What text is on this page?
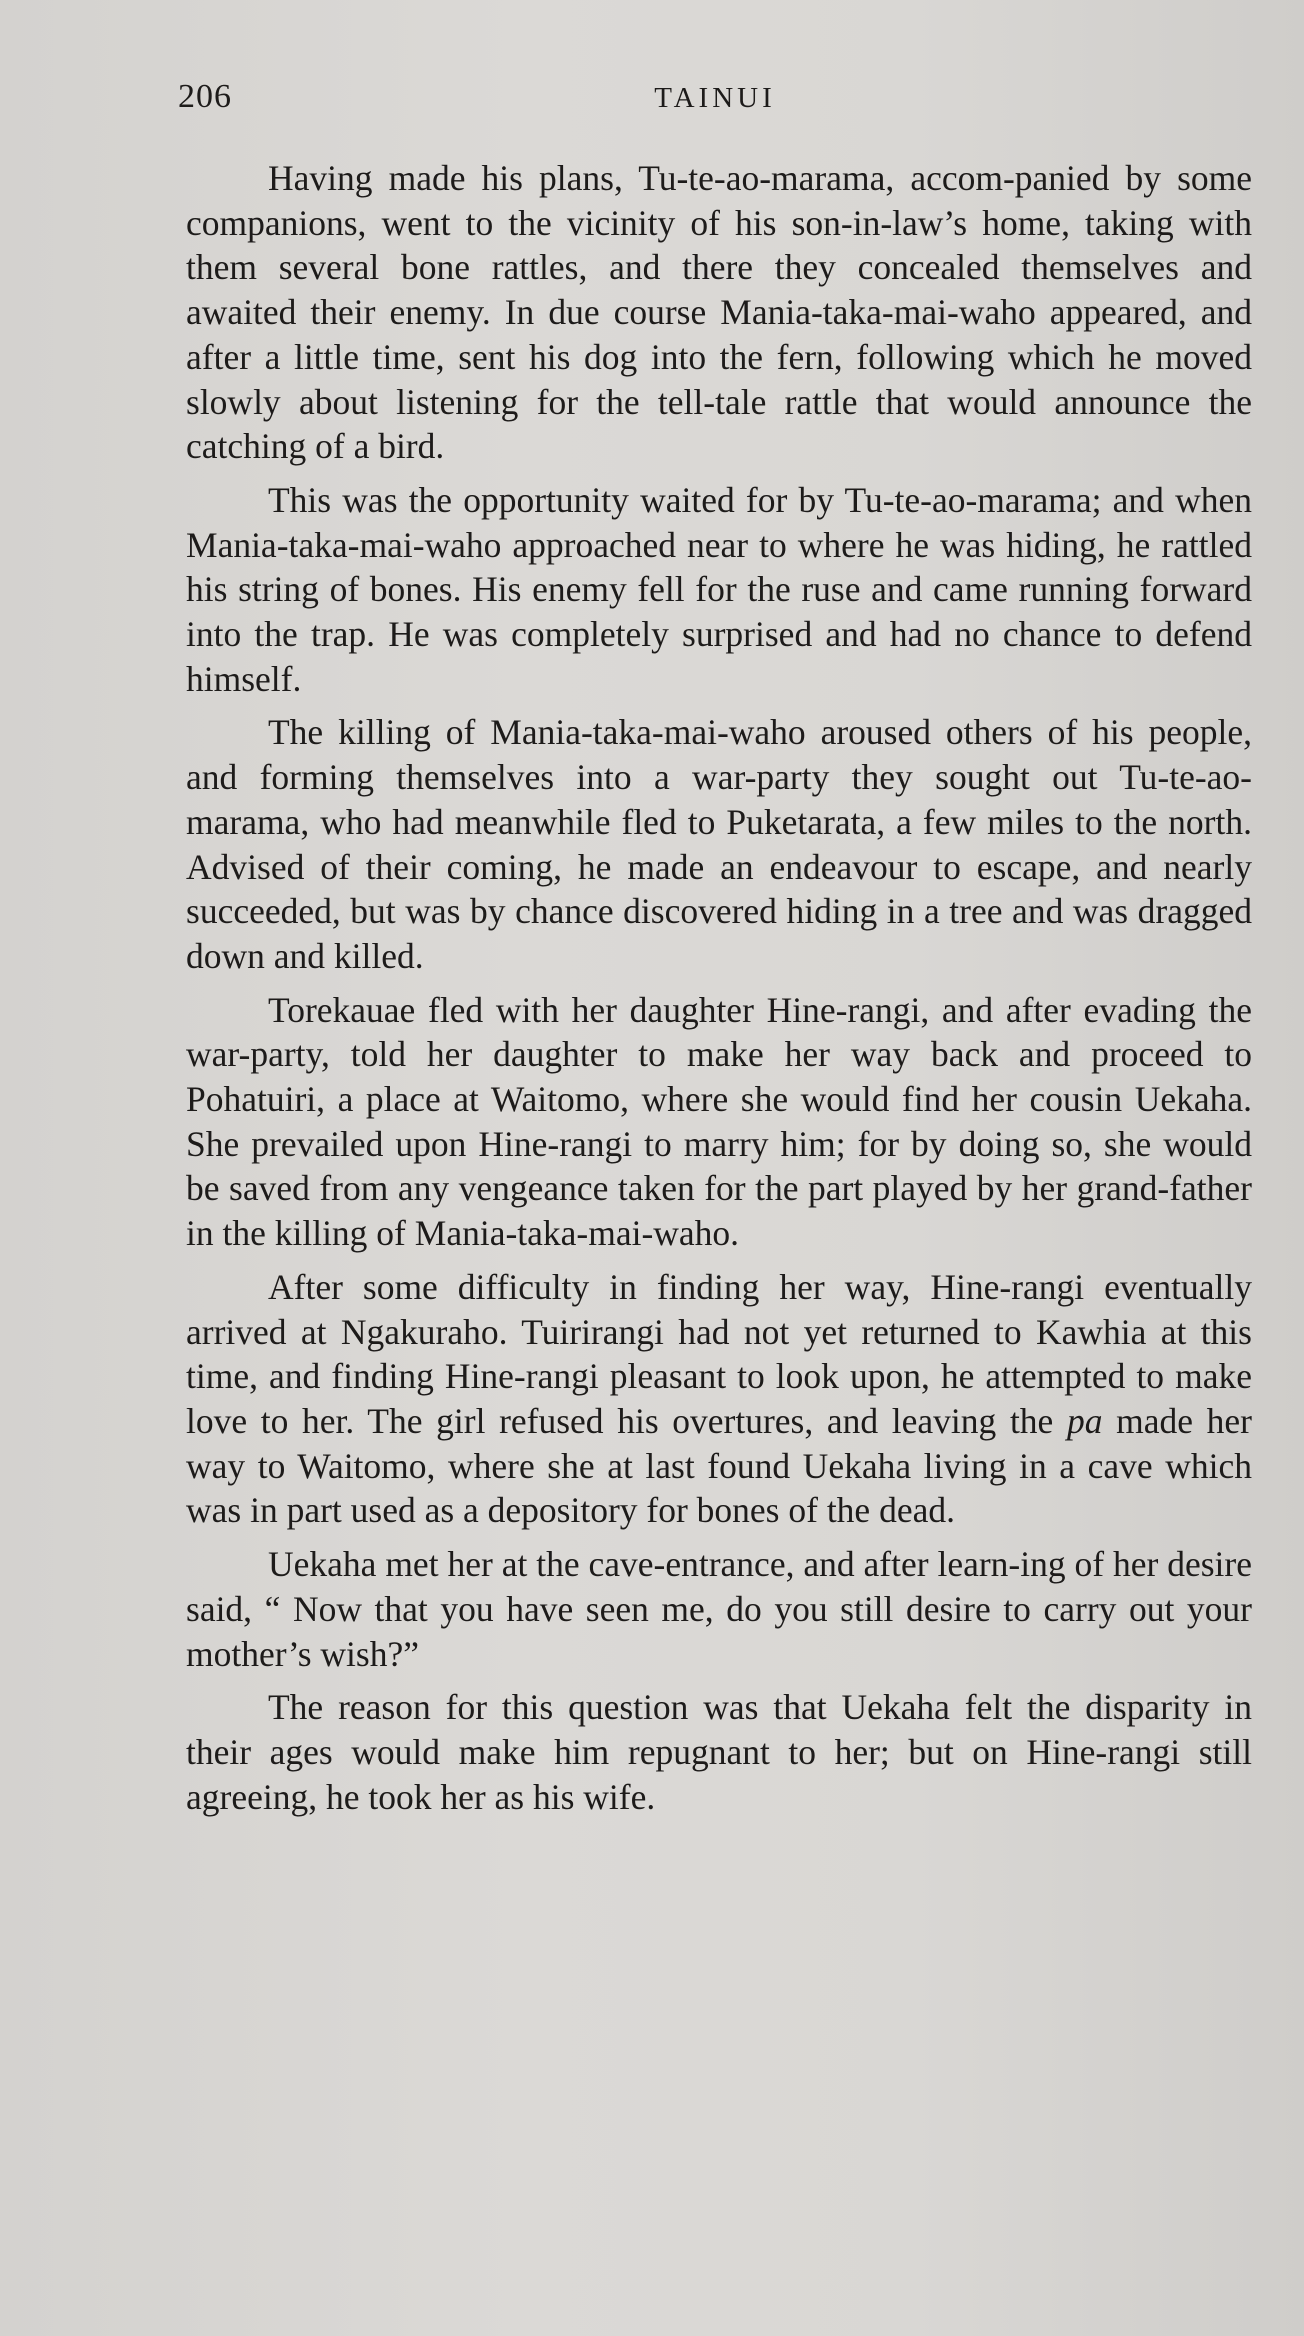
206	TAINUI

Having made his plans, Tu-te-ao-marama, accom-panied by some companions, went to the vicinity of his son-in-law’s home, taking with them several bone rattles, and there they concealed themselves and awaited their enemy. In due course Mania-taka-mai-waho appeared, and after a little time, sent his dog into the fern, following which he moved slowly about listening for the tell-tale rattle that would announce the catching of a bird.

This was the opportunity waited for by Tu-te-ao-marama; and when Mania-taka-mai-waho approached near to where he was hiding, he rattled his string of bones. His enemy fell for the ruse and came running forward into the trap. He was completely surprised and had no chance to defend himself.

The killing of Mania-taka-mai-waho aroused others of his people, and forming themselves into a war-party they sought out Tu-te-ao-marama, who had meanwhile fled to Puketarata, a few miles to the north. Advised of their coming, he made an endeavour to escape, and nearly succeeded, but was by chance discovered hiding in a tree and was dragged down and killed.

Torekauae fled with her daughter Hine-rangi, and after evading the war-party, told her daughter to make her way back and proceed to Pohatuiri, a place at Waitomo, where she would find her cousin Uekaha. She prevailed upon Hine-rangi to marry him; for by doing so, she would be saved from any vengeance taken for the part played by her grand-father in the killing of Mania-taka-mai-waho.

After some difficulty in finding her way, Hine-rangi eventually arrived at Ngakuraho. Tuirirangi had not yet returned to Kawhia at this time, and finding Hine-rangi pleasant to look upon, he attempted to make love to her. The girl refused his overtures, and leaving the pa made her way to Waitomo, where she at last found Uekaha living in a cave which was in part used as a depository for bones of the dead.

Uekaha met her at the cave-entrance, and after learn-ing of her desire said, “ Now that you have seen me, do you still desire to carry out your mother’s wish?”

The reason for this question was that Uekaha felt the disparity in their ages would make him repugnant to her; but on Hine-rangi still agreeing, he took her as his wife.
